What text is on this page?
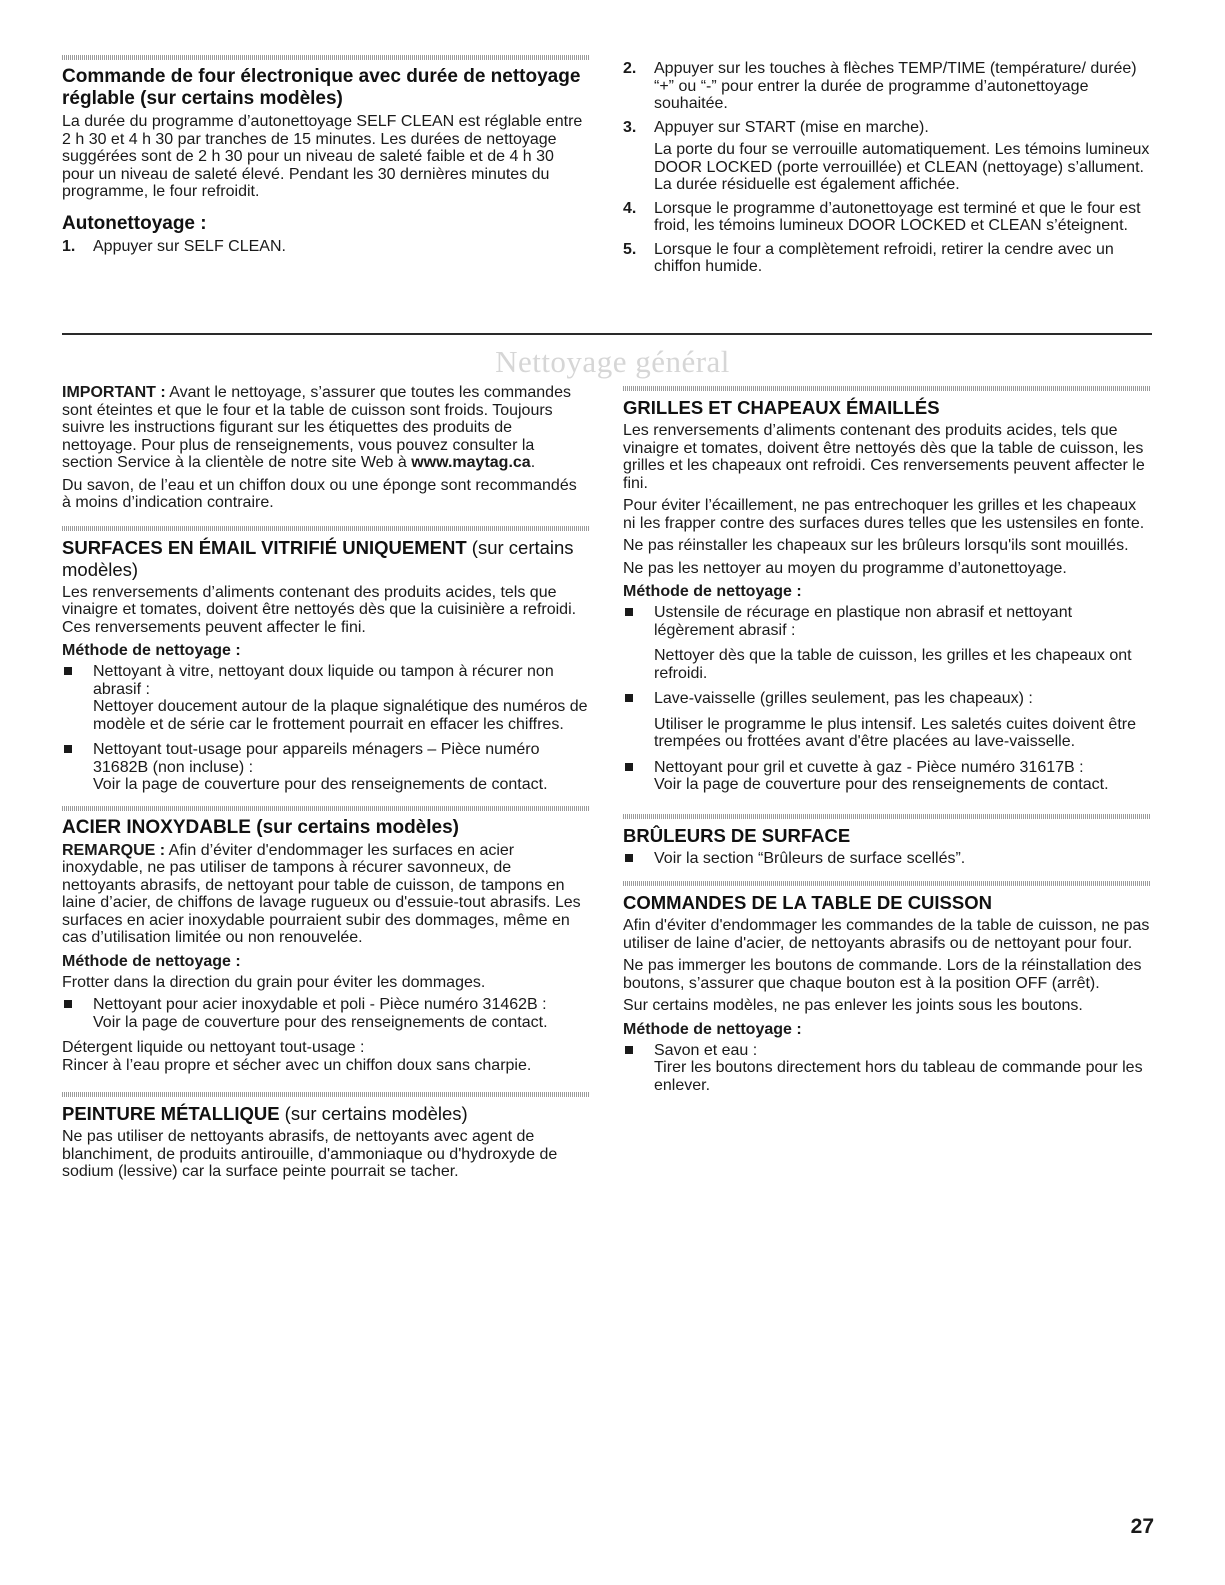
Commande de four électronique avec durée de nettoyage réglable (sur certains modèles)

La durée du programme d’autonettoyage SELF CLEAN est réglable entre 2 h 30 et 4 h 30 par tranches de 15 minutes. Les durées de nettoyage suggérées sont de 2 h 30 pour un niveau de saleté faible et de 4 h 30 pour un niveau de saleté élevé. Pendant les 30 dernières minutes du programme, le four refroidit.

Autonettoyage :
1. Appuyer sur SELF CLEAN.
2. Appuyer sur les touches à flèches TEMP/TIME (température/ durée) “+” ou “-” pour entrer la durée de programme d’autonettoyage souhaitée.
3. Appuyer sur START (mise en marche).

La porte du four se verrouille automatiquement. Les témoins lumineux DOOR LOCKED (porte verrouillée) et CLEAN (nettoyage) s’allument. La durée résiduelle est également affichée.

4. Lorsque le programme d’autonettoyage est terminé et que le four est froid, les témoins lumineux DOOR LOCKED et CLEAN s’éteignent.
5. Lorsque le four a complètement refroidi, retirer la cendre avec un chiffon humide.
Nettoyage général

IMPORTANT : Avant le nettoyage, s’assurer que toutes les commandes sont éteintes et que le four et la table de cuisson sont froids. Toujours suivre les instructions figurant sur les étiquettes des produits de nettoyage. Pour plus de renseignements, vous pouvez consulter la section Service à la clientèle de notre site Web à www.maytag.ca.

Du savon, de l’eau et un chiffon doux ou une éponge sont recommandés à moins d’indication contraire.

SURFACES EN ÉMAIL VITRIFIÉ UNIQUEMENT (sur certains modèles)

Les renversements d’aliments contenant des produits acides, tels que vinaigre et tomates, doivent être nettoyés dès que la cuisinière a refroidi. Ces renversements peuvent affecter le fini.

Méthode de nettoyage :
Nettoyant à vitre, nettoyant doux liquide ou tampon à récurer non abrasif :
Nettoyer doucement autour de la plaque signalétique des numéros de modèle et de série car le frottement pourrait en effacer les chiffres.
Nettoyant tout-usage pour appareils ménagers – Pièce numéro 31682B (non incluse) :
Voir la page de couverture pour des renseignements de contact.
ACIER INOXYDABLE (sur certains modèles)

REMARQUE : Afin d’éviter d'endommager les surfaces en acier inoxydable, ne pas utiliser de tampons à récurer savonneux, de nettoyants abrasifs, de nettoyant pour table de cuisson, de tampons en laine d’acier, de chiffons de lavage rugueux ou d'essuie-tout abrasifs. Les surfaces en acier inoxydable pourraient subir des dommages, même en cas d’utilisation limitée ou non renouvelée.

Méthode de nettoyage :

Frotter dans la direction du grain pour éviter les dommages.

Nettoyant pour acier inoxydable et poli - Pièce numéro 31462B :
Voir la page de couverture pour des renseignements de contact.

Détergent liquide ou nettoyant tout-usage :
Rincer à l’eau propre et sécher avec un chiffon doux sans charpie.

PEINTURE MÉTALLIQUE (sur certains modèles)

Ne pas utiliser de nettoyants abrasifs, de nettoyants avec agent de blanchiment, de produits antirouille, d'ammoniaque ou d'hydroxyde de sodium (lessive) car la surface peinte pourrait se tacher.

GRILLES ET CHAPEAUX ÉMAILLÉS

Les renversements d’aliments contenant des produits acides, tels que vinaigre et tomates, doivent être nettoyés dès que la table de cuisson, les grilles et les chapeaux ont refroidi. Ces renversements peuvent affecter le fini.

Pour éviter l’écaillement, ne pas entrechoquer les grilles et les chapeaux ni les frapper contre des surfaces dures telles que les ustensiles en fonte.

Ne pas réinstaller les chapeaux sur les brûleurs lorsqu'ils sont mouillés.

Ne pas les nettoyer au moyen du programme d’autonettoyage.

Méthode de nettoyage :
Ustensile de récurage en plastique non abrasif et nettoyant légèrement abrasif :
Nettoyer dès que la table de cuisson, les grilles et les chapeaux ont refroidi.
Lave-vaisselle (grilles seulement, pas les chapeaux) :
Utiliser le programme le plus intensif. Les saletés cuites doivent être trempées ou frottées avant d'être placées au lave-vaisselle.
Nettoyant pour gril et cuvette à gaz - Pièce numéro 31617B :
Voir la page de couverture pour des renseignements de contact.
BRÛLEURS DE SURFACE
Voir la section “Brûleurs de surface scellés”.
COMMANDES DE LA TABLE DE CUISSON

Afin d'éviter d'endommager les commandes de la table de cuisson, ne pas utiliser de laine d'acier, de nettoyants abrasifs ou de nettoyant pour four.

Ne pas immerger les boutons de commande. Lors de la réinstallation des boutons, s’assurer que chaque bouton est à la position OFF (arrêt).

Sur certains modèles, ne pas enlever les joints sous les boutons.

Méthode de nettoyage :
Savon et eau :
Tirer les boutons directement hors du tableau de commande pour les enlever.
27
